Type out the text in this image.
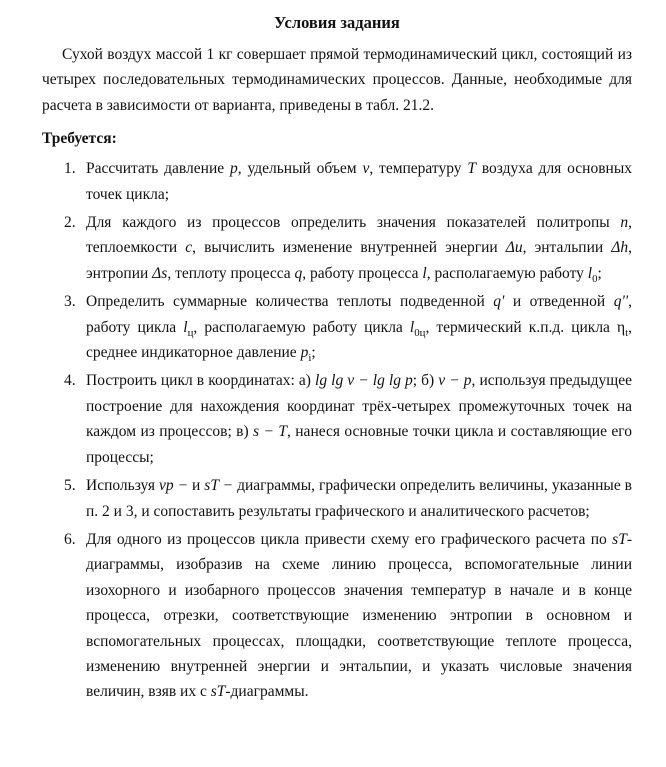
Условия задания

Сухой воздух массой 1 кг совершает прямой термодинамический цикл, состоящий из четырех последовательных термодинамических процессов. Данные, необходимые для расчета в зависимости от варианта, приведены в табл. 21.2.

Требуется:
1. Рассчитать давление p, удельный объем v, температуру T воздуха для основных точек цикла;
2. Для каждого из процессов определить значения показателей политропы n, теплоемкости c, вычислить изменение внутренней энергии Δu, энтальпии Δh, энтропии Δs, теплоту процесса q, работу процесса l, располагаемую работу $l_0$;
3. Определить суммарные количества теплоты подведенной q' и отведенной q'', работу цикла $l_ц$, располагаемую работу цикла $l_{0ц}$, термический к.п.д. цикла $\eta_t$, среднее индикаторное давление $p_i$;
4. Построить цикл в координатах: а) lg lg v − lg lg p; б) v − p, используя предыдущее построение для нахождения координат трёх-четырех промежуточных точек на каждом из процессов; в) s − T, нанеся основные точки цикла и составляющие его процессы;
5. Используя vp − и sT − диаграммы, графически определить величины, указанные в п. 2 и 3, и сопоставить результаты графического и аналитического расчетов;
6. Для одного из процессов цикла привести схему его графического расчета по sT-диаграммы, изобразив на схеме линию процесса, вспомогательные линии изохорного и изобарного процессов значения температур в начале и в конце процесса, отрезки, соответствующие изменению энтропии в основном и вспомогательных процессах, площадки, соответствующие теплоте процесса, изменению внутренней энергии и энтальпии, и указать числовые значения величин, взяв их с sT-диаграммы.
